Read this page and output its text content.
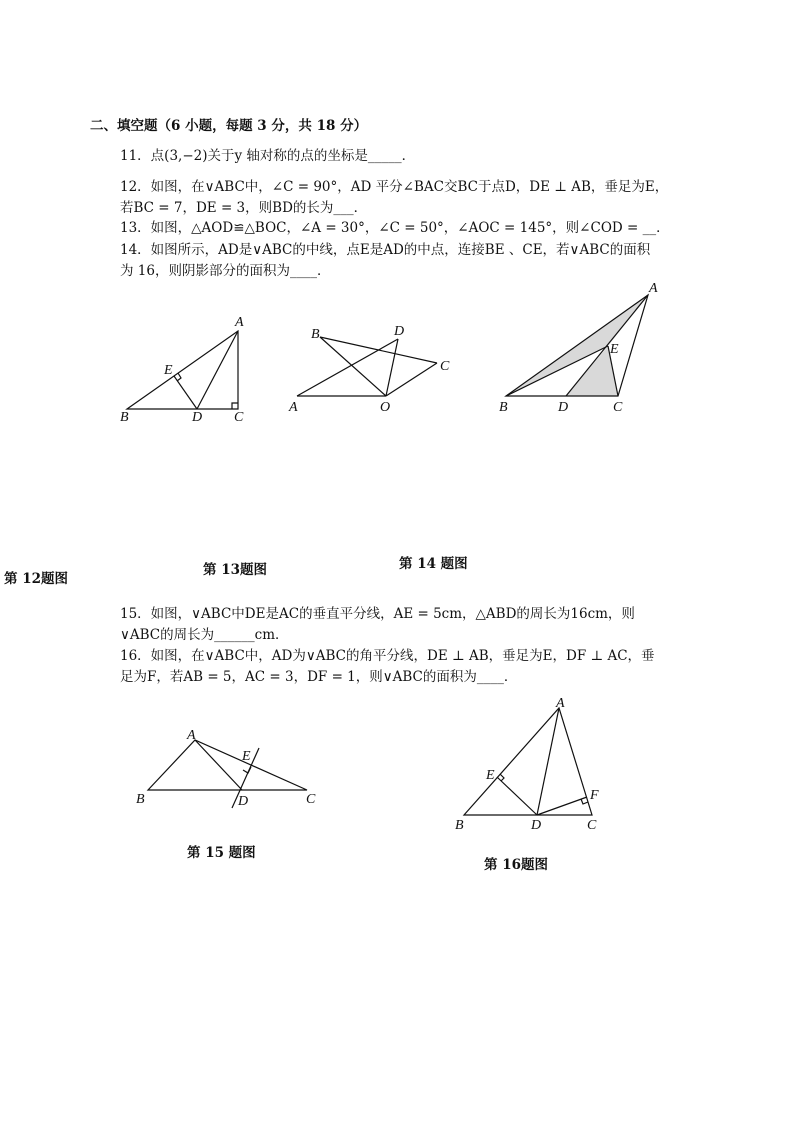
二、填空题（6 小题，每题 3 分，共 18 分）
11．点(3,−2)关于y 轴对称的点的坐标是_____．
12．如图，在∨ABC中，∠C = 90°，AD 平分∠BAC交BC于点D，DE ⊥ AB，垂足为E，
若BC = 7，DE = 3，则BD的长为___．
13．如图，△AOD≌△BOC，∠A = 30°，∠C = 50°，∠AOC = 145°，则∠COD = __．
14．如图所示，AD是∨ABC的中线，点E是AD的中点，连接BE 、CE，若∨ABC的面积
为 16，则阴影部分的面积为____．
A
B	C
D
E
A
B
C
D
O
A
B	C
D
E
第 14 题图
第 13题图
第 12题图
15．如图，∨ABC中DE是AC的垂直平分线，AE = 5cm，△ABD的周长为16cm，则
∨ABC的周长为______cm．
16．如图，在∨ABC中，AD为∨ABC的角平分线，DE ⊥ AB，垂足为E，DF ⊥ AC，垂
足为F，若AB = 5，AC = 3，DF = 1，则∨ABC的面积为____．
A
B	C
D
E
A
B	C
D
E
F
第 15 题图
第 16题图
